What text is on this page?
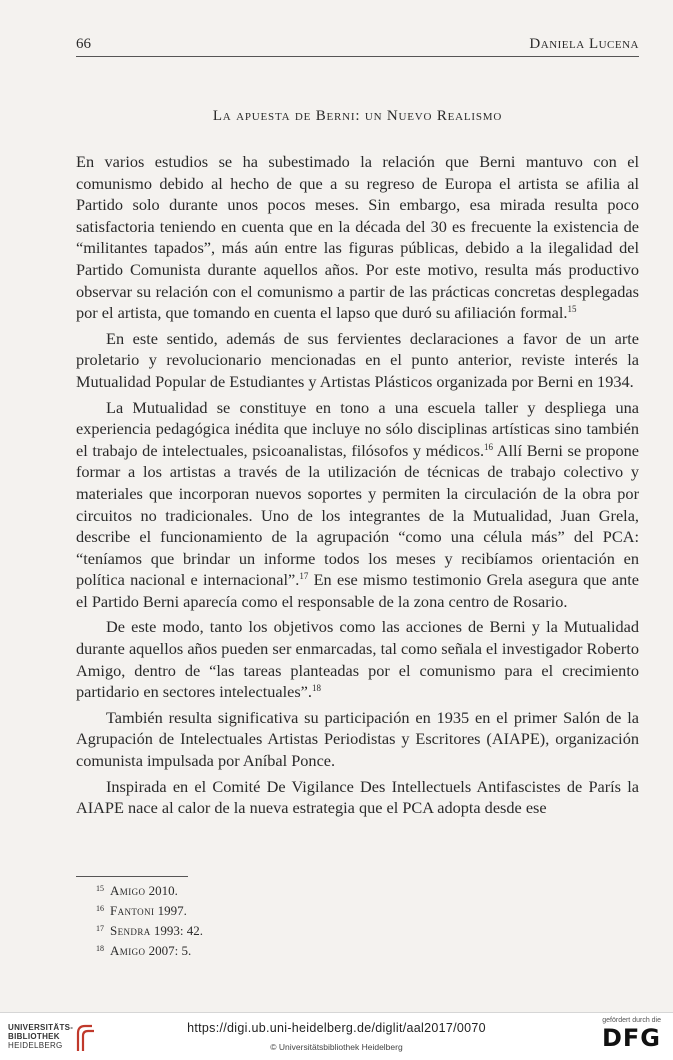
66	Daniela Lucena
La apuesta de Berni: un Nuevo Realismo

En varios estudios se ha subestimado la relación que Berni mantuvo con el comunismo debido al hecho de que a su regreso de Europa el artista se afilia al Partido solo durante unos pocos meses. Sin embargo, esa mirada resulta poco satisfactoria teniendo en cuenta que en la década del 30 es frecuente la existencia de “militantes tapados”, más aún entre las figuras públicas, debido a la ilegalidad del Partido Comunista durante aquellos años. Por este motivo, resulta más productivo observar su relación con el comunismo a partir de las prácticas concretas desplegadas por el artista, que tomando en cuenta el lapso que duró su afiliación formal.$^{15}$

En este sentido, además de sus fervientes declaraciones a favor de un arte proletario y revolucionario mencionadas en el punto anterior, reviste interés la Mutualidad Popular de Estudiantes y Artistas Plásticos organizada por Berni en 1934.

La Mutualidad se constituye en tono a una escuela taller y despliega una experiencia pedagógica inédita que incluye no sólo disciplinas artísticas sino también el trabajo de intelectuales, psicoanalistas, filósofos y médicos.$^{16}$ Allí Berni se propone formar a los artistas a través de la utilización de técnicas de trabajo colectivo y materiales que incorporan nuevos soportes y permiten la circulación de la obra por circuitos no tradicionales. Uno de los integrantes de la Mutualidad, Juan Grela, describe el funcionamiento de la agrupación “como una célula más” del PCA: “teníamos que brindar un informe todos los meses y recibíamos orientación en política nacional e internacional”.$^{17}$ En ese mismo testimonio Grela asegura que ante el Partido Berni aparecía como el responsable de la zona centro de Rosario.

De este modo, tanto los objetivos como las acciones de Berni y la Mutualidad durante aquellos años pueden ser enmarcadas, tal como señala el investigador Roberto Amigo, dentro de “las tareas planteadas por el comunismo para el crecimiento partidario en sectores intelectuales”.$^{18}$

También resulta significativa su participación en 1935 en el primer Salón de la Agrupación de Intelectuales Artistas Periodistas y Escritores (AIAPE), organización comunista impulsada por Aníbal Ponce.

Inspirada en el Comité De Vigilance Des Intellectuels Antifascistes de París la AIAPE nace al calor de la nueva estrategia que el PCA adopta desde ese

$^{15}$ Amigo 2010.
$^{16}$ Fantoni 1997.
$^{17}$ Sendra 1993: 42.
$^{18}$ Amigo 2007: 5.
UNIVERSITÄTS-
BIBLIOTHEK
HEIDELBERG
https://digi.ub.uni-heidelberg.de/diglit/aal2017/0070
© Universitätsbibliothek Heidelberg
gefördert durch die
DFG
